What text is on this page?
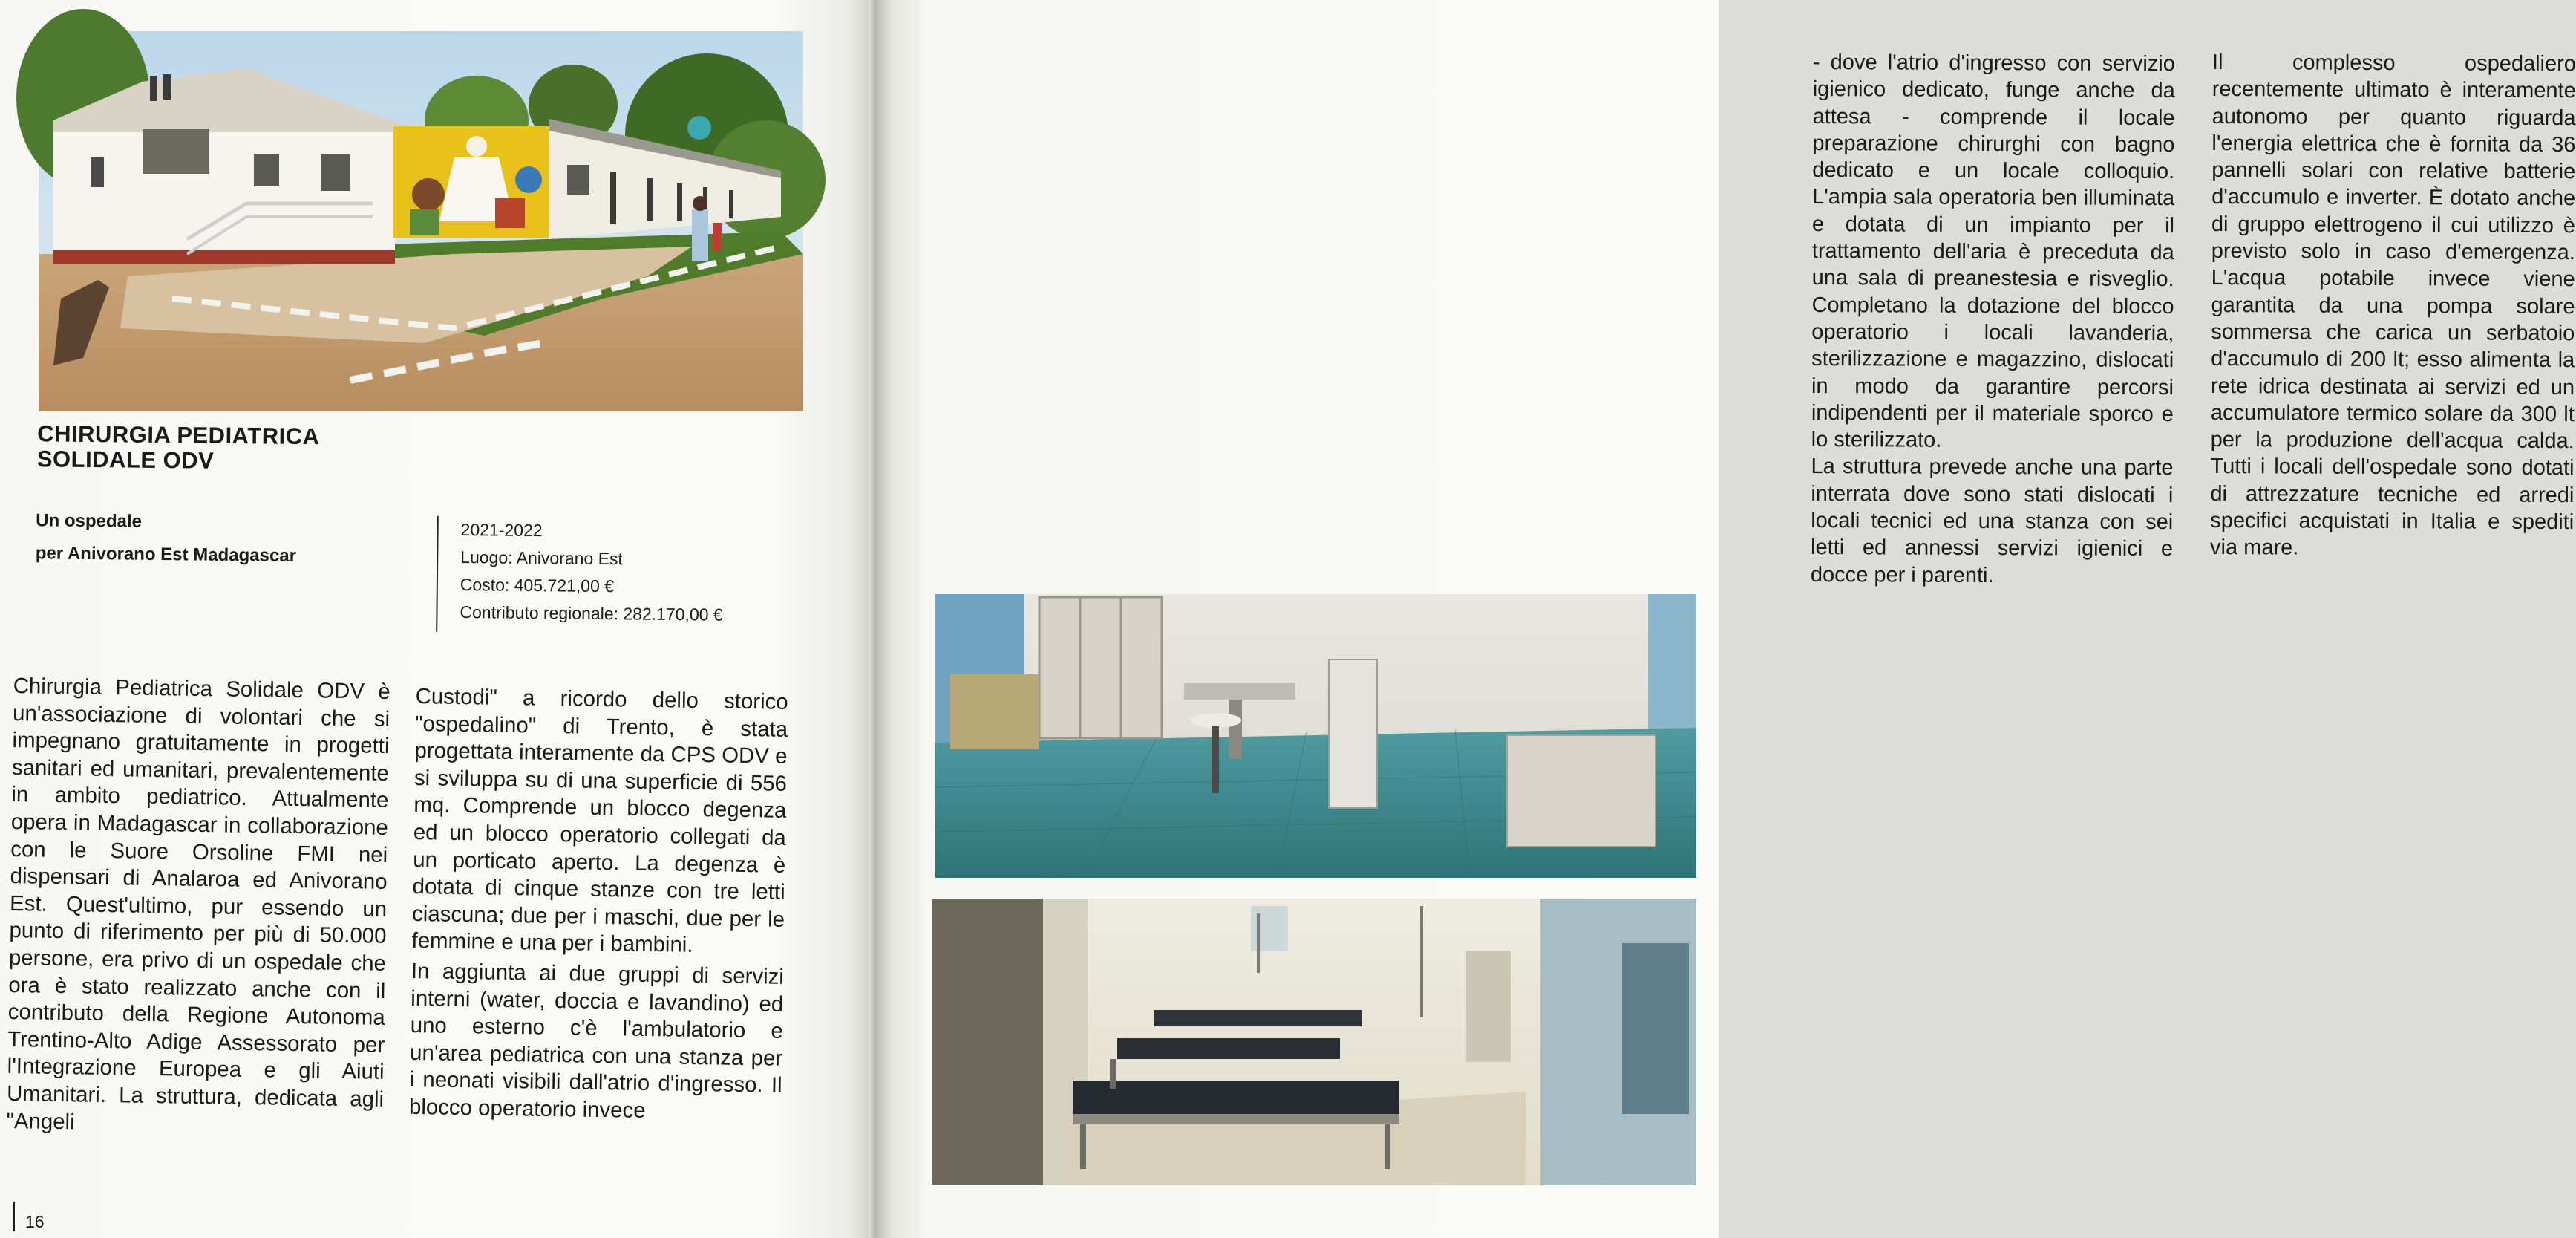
CHIRURGIA PEDIATRICA
SOLIDALE ODV
Un ospedale
per Anivorano Est Madagascar
2021-2022
Luogo: Anivorano Est
Costo: 405.721,00 €
Contributo regionale: 282.170,00 €

Chirurgia Pediatrica Solidale ODV è un'associazione di volontari che si impegnano gratuitamente in progetti sanitari ed umanitari, prevalentemente in ambito pediatrico. Attualmente opera in Madagascar in collaborazione con le Suore Orsoline FMI nei dispensari di Analaroa ed Anivorano Est. Quest'ultimo, pur essendo un punto di riferimento per più di 50.000 persone, era privo di un ospedale che ora è stato realizzato anche con il contributo della Regione Autonoma Trentino-Alto Adige Assessorato per l'Integrazione Europea e gli Aiuti Umanitari. La struttura, dedicata agli "Angeli

Custodi" a ricordo dello storico "ospedalino" di Trento, è stata progettata interamente da CPS ODV e si sviluppa su di una superficie di 556 mq. Comprende un blocco degenza ed un blocco operatorio collegati da un porticato aperto. La degenza è dotata di cinque stanze con tre letti ciascuna; due per i maschi, due per le femmine e una per i bambini.

In aggiunta ai due gruppi di servizi interni (water, doccia e lavandino) ed uno esterno c'è l'ambulatorio e un'area pediatrica con una stanza per i neonati visibili dall'atrio d'ingresso. Il blocco operatorio invece

16

- dove l'atrio d'ingresso con servizio igienico dedicato, funge anche da attesa - comprende il locale preparazione chirurghi con bagno dedicato e un locale colloquio. L'ampia sala operatoria ben illuminata e dotata di un impianto per il trattamento dell'aria è preceduta da una sala di preanestesia e risveglio. Completano la dotazione del blocco operatorio i locali lavanderia, sterilizzazione e magazzino, dislocati in modo da garantire percorsi indipendenti per il materiale sporco e lo sterilizzato.

La struttura prevede anche una parte interrata dove sono stati dislocati i locali tecnici ed una stanza con sei letti ed annessi servizi igienici e docce per i parenti.

Il complesso ospedaliero recentemente ultimato è interamente autonomo per quanto riguarda l'energia elettrica che è fornita da 36 pannelli solari con relative batterie d'accumulo e inverter. È dotato anche di gruppo elettrogeno il cui utilizzo è previsto solo in caso d'emergenza. L'acqua potabile invece viene garantita da una pompa solare sommersa che carica un serbatoio d'accumulo di 200 lt; esso alimenta la rete idrica destinata ai servizi ed un accumulatore termico solare da 300 lt per la produzione dell'acqua calda. Tutti i locali dell'ospedale sono dotati di attrezzature tecniche ed arredi specifici acquistati in Italia e spediti via mare.
